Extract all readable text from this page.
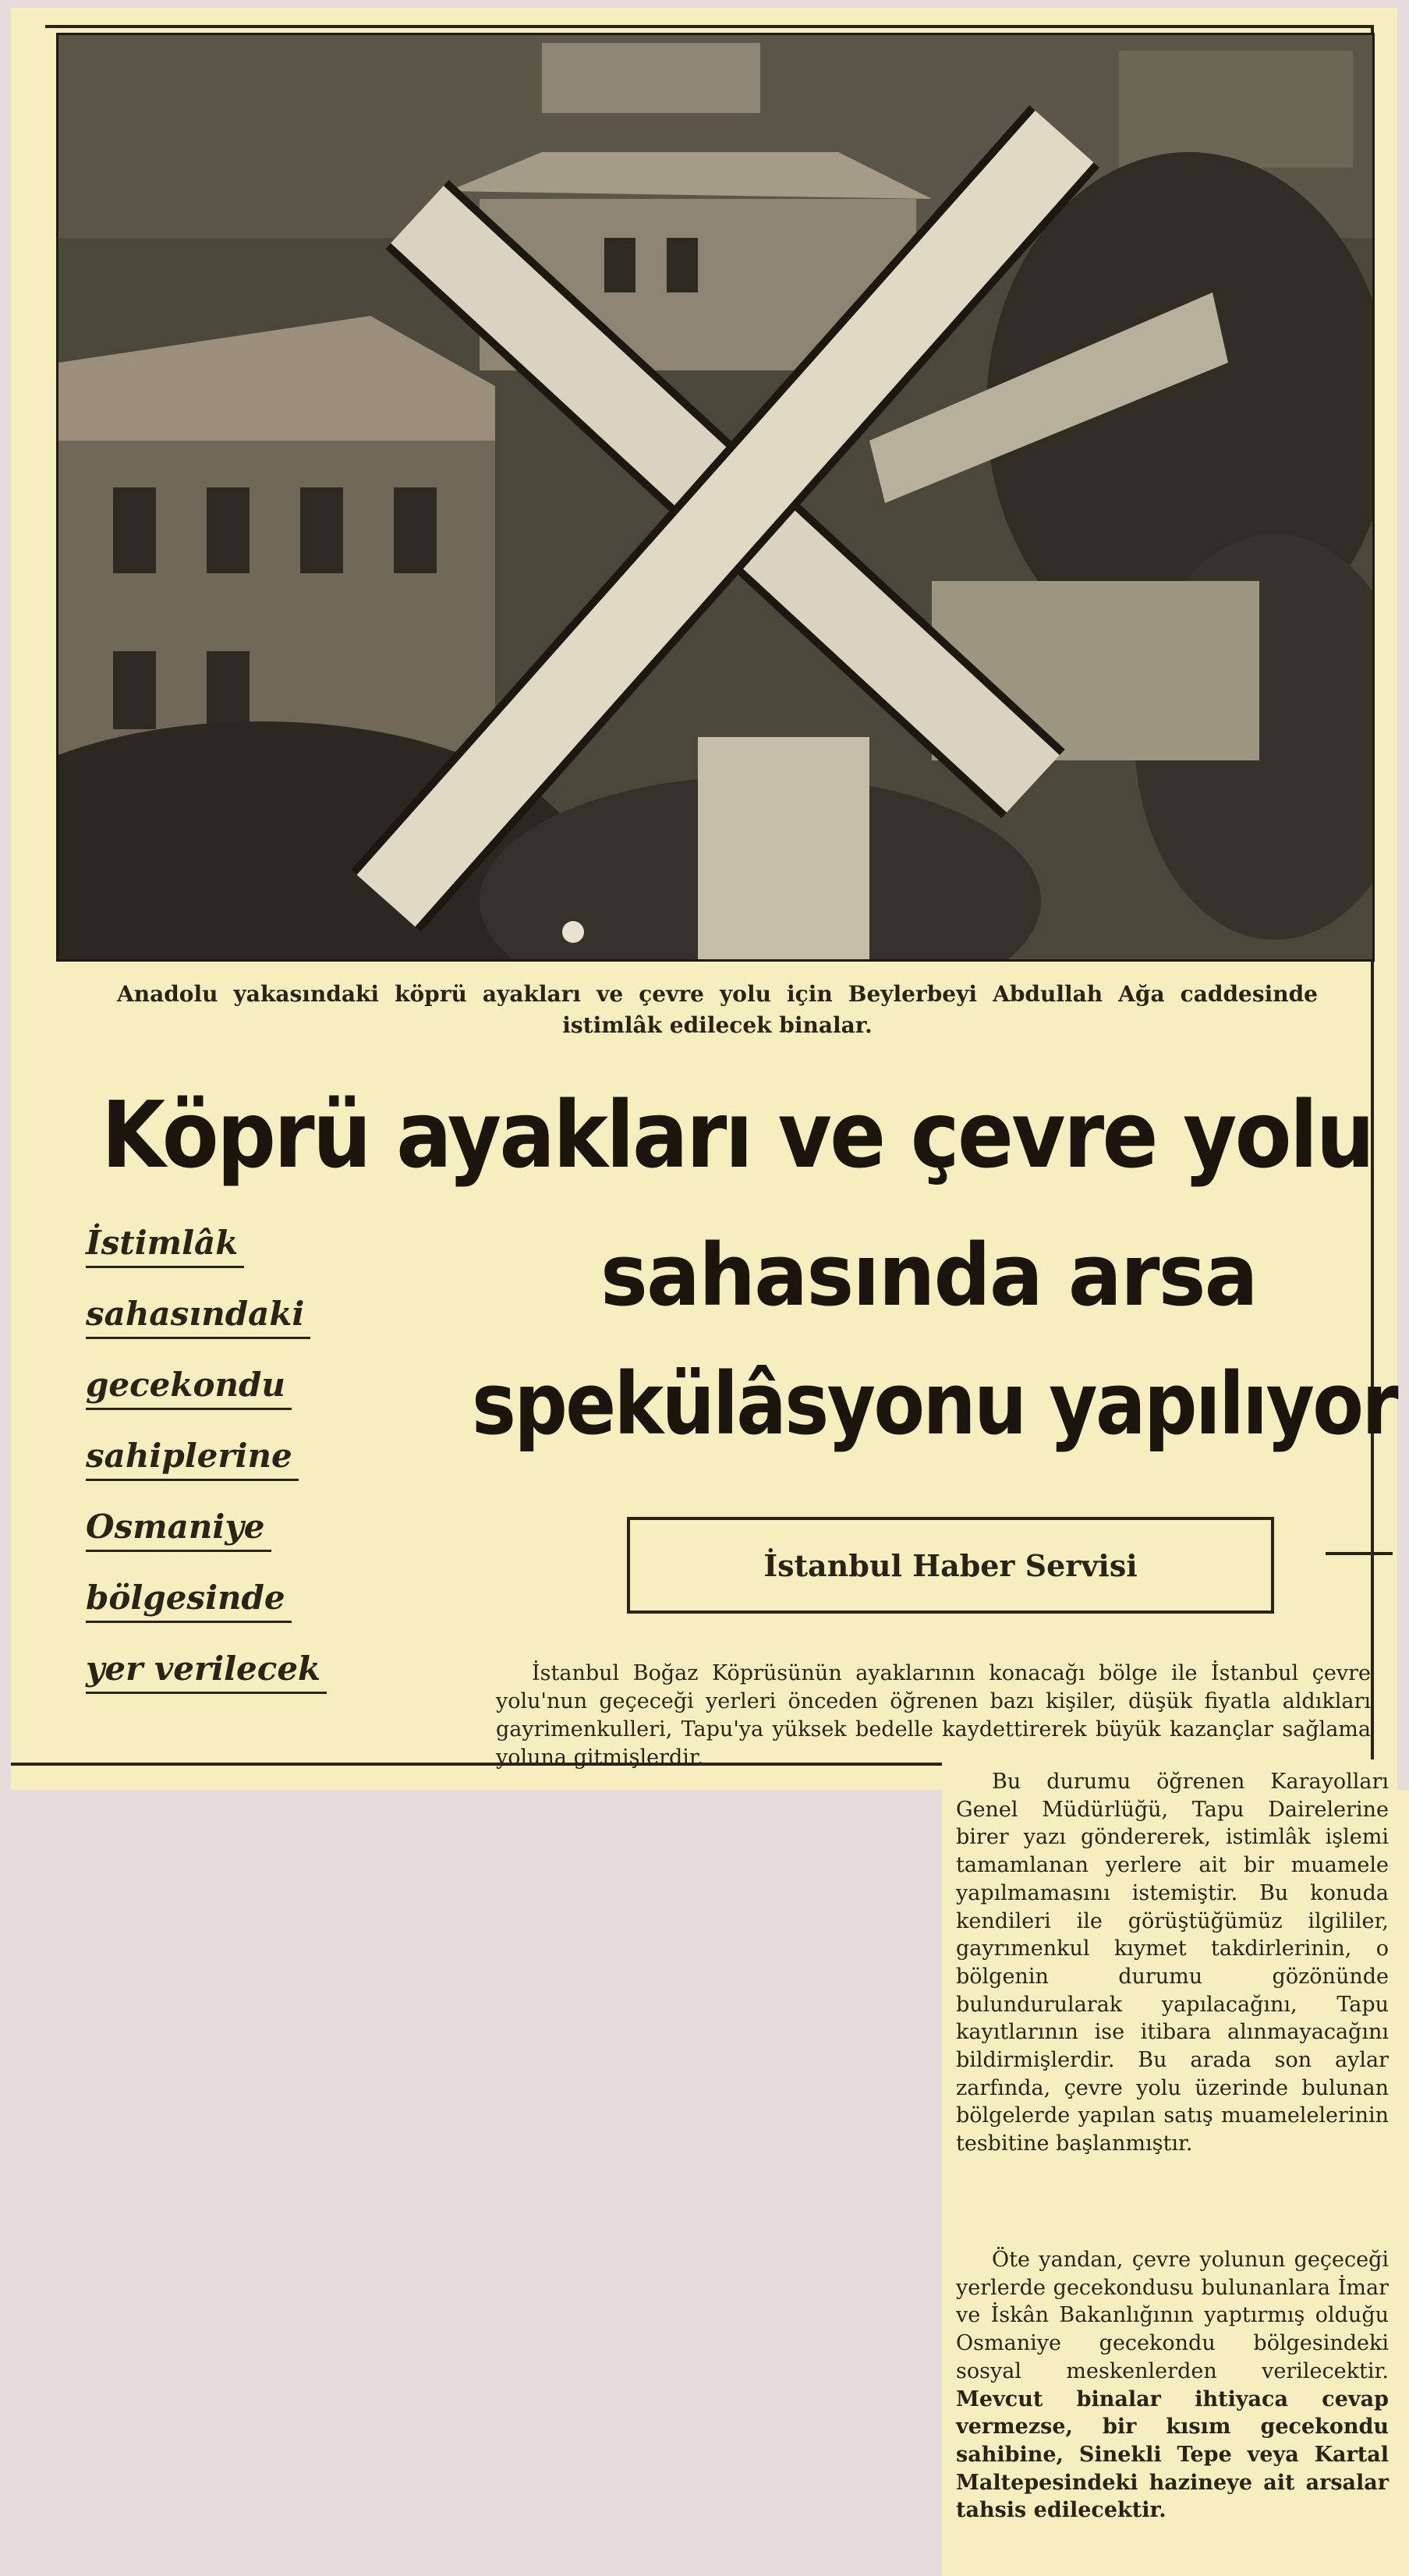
Anadolu yakasındaki köprü ayakları ve çevre yolu için Beylerbeyi Abdullah Ağa caddesinde istimlâk edilecek binalar.
Köprü ayakları ve çevre yolu
sahasında arsa
spekülâsyonu yapılıyor
İstimlâk
sahasındaki
gecekondu
sahiplerine
Osmaniye
bölgesinde
yer verilecek
İstanbul Haber Servisi
İstanbul Boğaz Köprüsünün ayaklarının konacağı bölge ile İstanbul çevre yolu'nun geçeceği yerleri önceden öğrenen bazı kişiler, düşük fiyatla aldıkları gayrimenkulleri, Tapu'ya yüksek bedelle kaydettirerek büyük kazançlar sağlama yoluna gitmişlerdir.
Bu durumu öğrenen Karayolları Genel Müdürlüğü, Tapu Dairelerine birer yazı göndererek, istimlâk işlemi tamamlanan yerlere ait bir muamele yapılmamasını istemiştir. Bu konuda kendileri ile görüştüğümüz ilgililer, gayrımenkul kıymet takdirlerinin, o bölgenin durumu gözönünde bulundurularak yapılacağını, Tapu kayıtlarının ise itibara alınmayacağını bildirmişlerdir. Bu arada son aylar zarfında, çevre yolu üzerinde bulunan bölgelerde yapılan satış muamelelerinin tesbitine başlanmıştır.
Öte yandan, çevre yolunun geçeceği yerlerde gecekondusu bulunanlara İmar ve İskân Bakanlığının yaptırmış olduğu Osmaniye gecekondu bölgesindeki sosyal meskenlerden verilecektir. Mevcut binalar ihtiyaca cevap vermezse, bir kısım gecekondu sahibine, Sinekli Tepe veya Kartal Maltepesindeki hazineye ait arsalar tahsis edilecektir.
